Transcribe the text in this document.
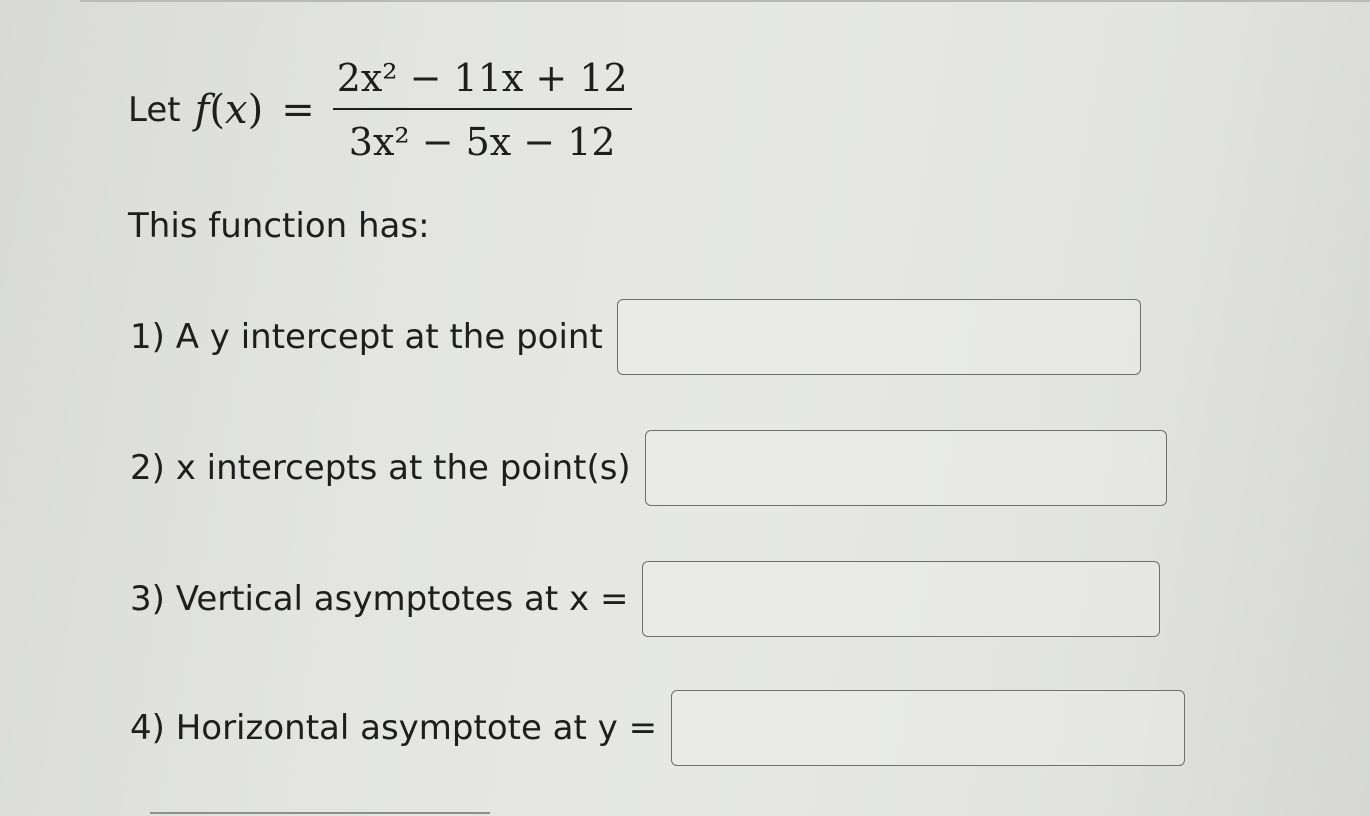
Let $f(x) = \frac{\text{2x² − 11x + 12}}{\text{3x² − 5x − 12}}$
This function has:
1) A y intercept at the point
2) x intercepts at the point(s)
3) Vertical asymptotes at x =
4) Horizontal asymptote at y =
